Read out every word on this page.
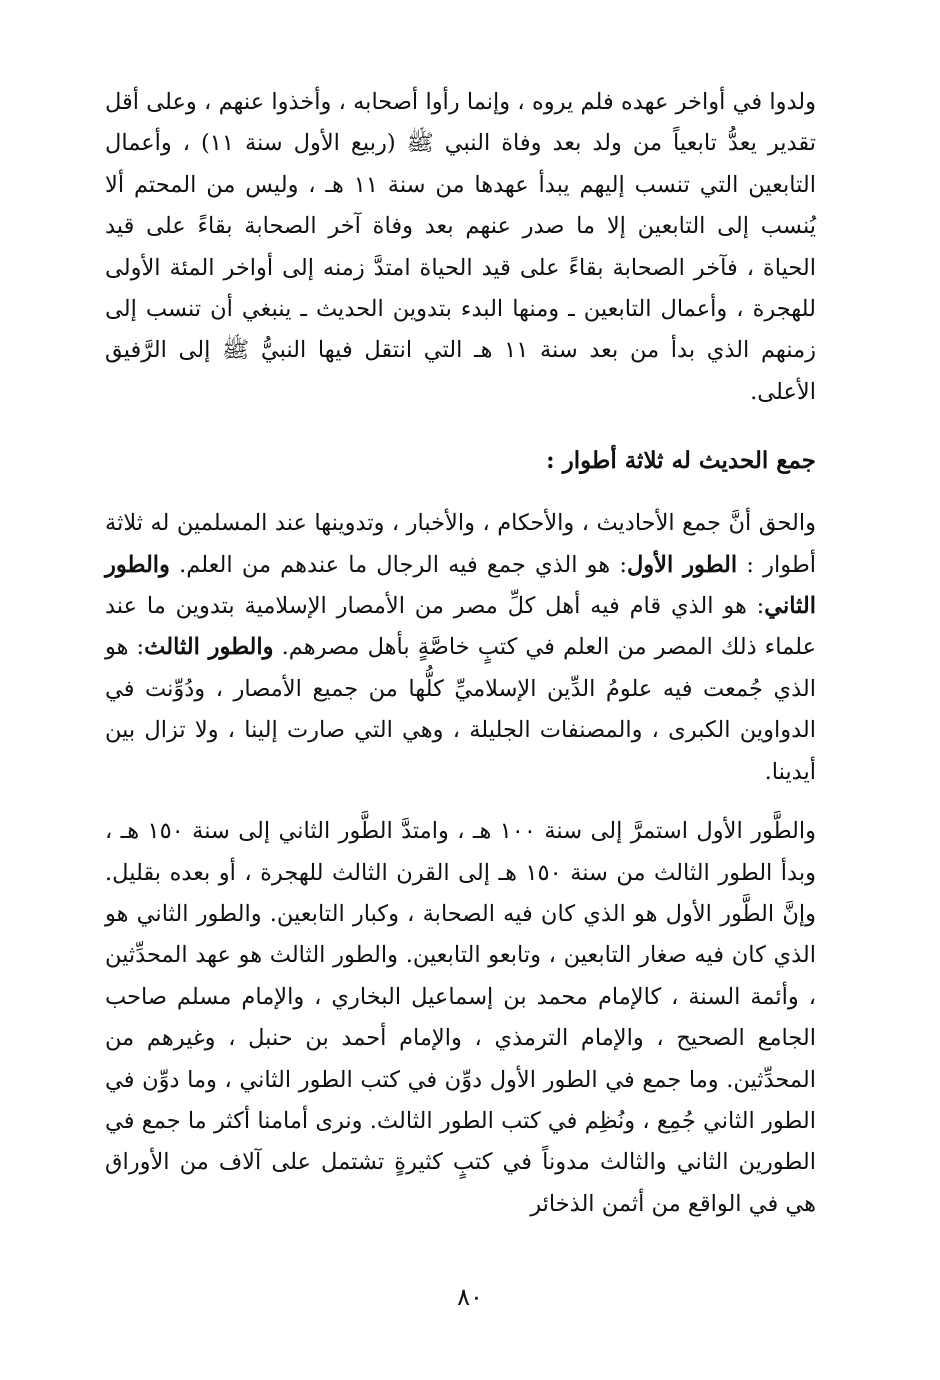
ولدوا في أواخر عهده فلم يروه ، وإنما رأوا أصحابه ، وأخذوا عنهم ، وعلى أقل تقدير يعدُّ تابعياً من ولد بعد وفاة النبي ﷺ (ربيع الأول سنة ١١) ، وأعمال التابعين التي تنسب إليهم يبدأ عهدها من سنة ١١ هـ ، وليس من المحتم ألا يُنسب إلى التابعين إلا ما صدر عنهم بعد وفاة آخر الصحابة بقاءً على قيد الحياة ، فآخر الصحابة بقاءً على قيد الحياة امتدَّ زمنه إلى أواخر المئة الأولى للهجرة ، وأعمال التابعين ـ ومنها البدء بتدوين الحديث ـ ينبغي أن تنسب إلى زمنهم الذي بدأ من بعد سنة ١١ هـ التي انتقل فيها النبيُّ ﷺ إلى الرَّفيق الأعلى.

جمع الحديث له ثلاثة أطوار :

والحق أنَّ جمع الأحاديث ، والأحكام ، والأخبار ، وتدوينها عند المسلمين له ثلاثة أطوار : الطور الأول: هو الذي جمع فيه الرجال ما عندهم من العلم. والطور الثاني: هو الذي قام فيه أهل كلِّ مصر من الأمصار الإسلامية بتدوين ما عند علماء ذلك المصر من العلم في كتبٍ خاصَّةٍ بأهل مصرهم. والطور الثالث: هو الذي جُمعت فيه علومُ الدِّين الإسلاميِّ كلُّها من جميع الأمصار ، ودُوِّنت في الدواوين الكبرى ، والمصنفات الجليلة ، وهي التي صارت إلينا ، ولا تزال بين أيدينا.

والطَّور الأول استمرَّ إلى سنة ١٠٠ هـ ، وامتدَّ الطَّور الثاني إلى سنة ١٥٠ هـ ، وبدأ الطور الثالث من سنة ١٥٠ هـ إلى القرن الثالث للهجرة ، أو بعده بقليل. وإنَّ الطَّور الأول هو الذي كان فيه الصحابة ، وكبار التابعين. والطور الثاني هو الذي كان فيه صغار التابعين ، وتابعو التابعين. والطور الثالث هو عهد المحدِّثين ، وأئمة السنة ، كالإمام محمد بن إسماعيل البخاري ، والإمام مسلم صاحب الجامع الصحيح ، والإمام الترمذي ، والإمام أحمد بن حنبل ، وغيرهم من المحدِّثين. وما جمع في الطور الأول دوِّن في كتب الطور الثاني ، وما دوِّن في الطور الثاني جُمِع ، ونُظِم في كتب الطور الثالث. ونرى أمامنا أكثر ما جمع في الطورين الثاني والثالث مدوناً في كتبٍ كثيرةٍ تشتمل على آلاف من الأوراق هي في الواقع من أثمن الذخائر

٨٠
